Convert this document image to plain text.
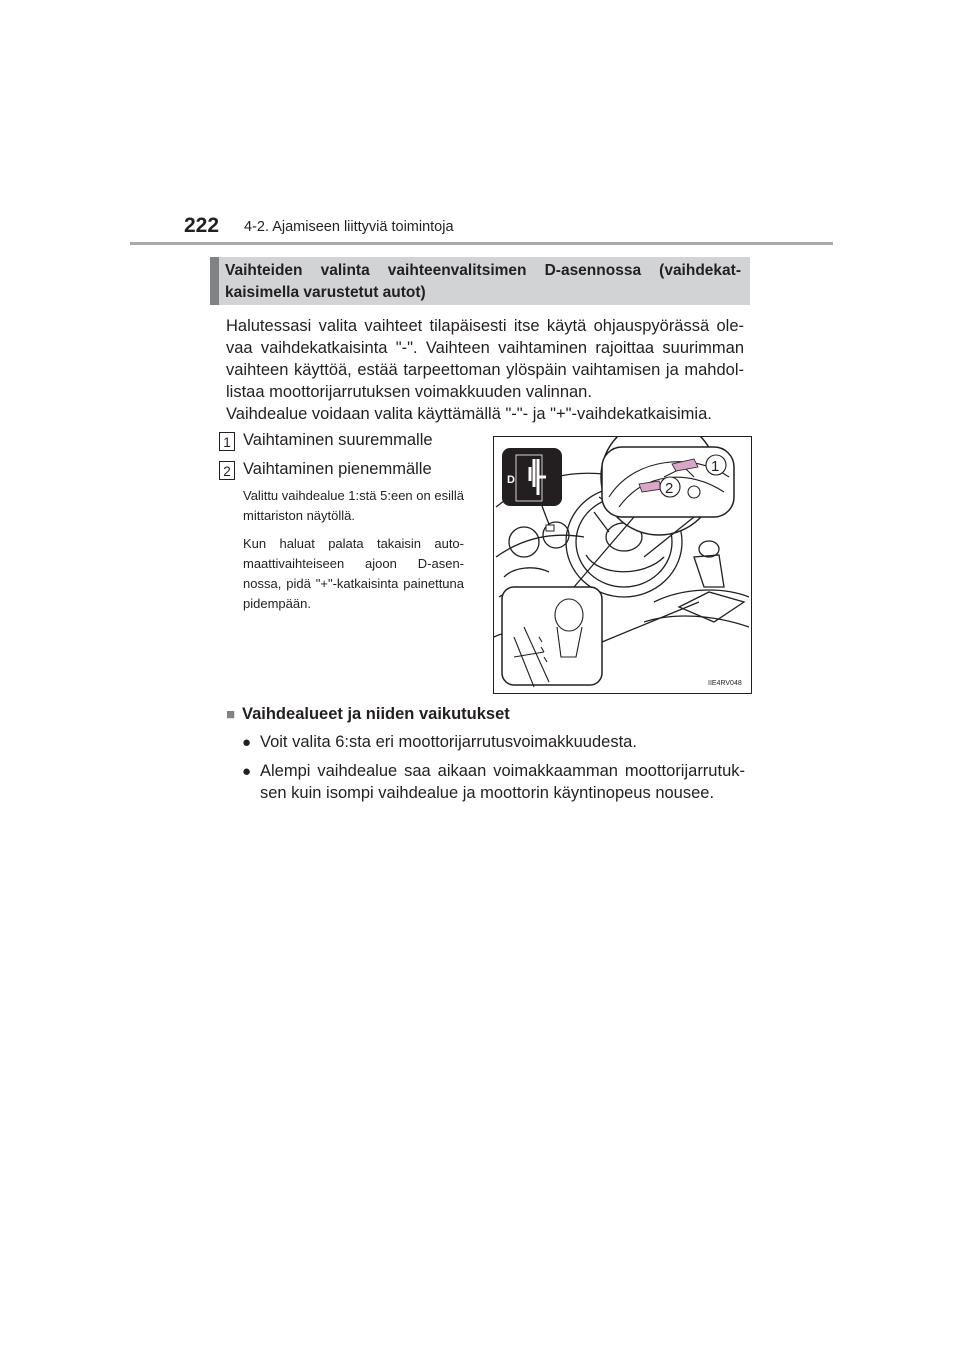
222 4-2. Ajamiseen liittyviä toimintoja
Vaihteiden valinta vaihteenvalitsimen D-asennossa (vaihdekat-kaisimella varustetut autot)

Halutessasi valita vaihteet tilapäisesti itse käytä ohjauspyörässä ole-vaa vaihdekatkaisinta "-". Vaihteen vaihtaminen rajoittaa suurimman vaihteen käyttöä, estää tarpeettoman ylöspäin vaihtamisen ja mahdol-listaa moottorijarrutuksen voimakkuuden valinnan.

Vaihdealue voidaan valita käyttämällä "-"- ja "+"-vaihdekatkaisimia.

1 Vaihtaminen suuremmalle
2 Vaihtaminen pienemmälle

Valittu vaihdealue 1:stä 5:een on esillä mittariston näytöllä.

Kun haluat palata takaisin auto-maattivaihteiseen ajoon D-asen-nossa, pidä "+"-katkaisinta painettuna pidempään.

D
1
2
IIE4RV048
■ Vaihdealueet ja niiden vaikutukset
● Voit valita 6:sta eri moottorijarrutusvoimakkuudesta.
● Alempi vaihdealue saa aikaan voimakkaamman moottorijarrutuk-sen kuin isompi vaihdealue ja moottorin käyntinopeus nousee.
